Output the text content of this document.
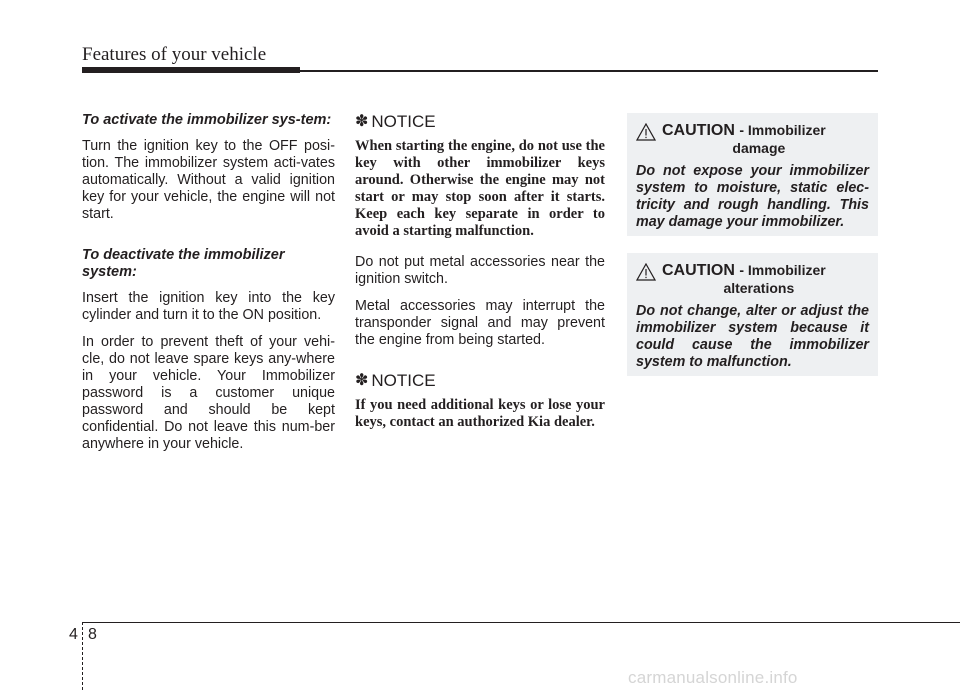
Features of your vehicle
To activate the immobilizer sys-tem:
Turn the ignition key to the OFF posi-tion. The immobilizer system acti-vates automatically. Without a valid ignition key for your vehicle, the engine will not start.
To deactivate the immobilizer system:
Insert the ignition key into the key cylinder and turn it to the ON position.
In order to prevent theft of your vehi-cle, do not leave spare keys any-where in your vehicle. Your Immobilizer password is a customer unique password and should be kept confidential. Do not leave this num-ber anywhere in your vehicle.
✽ NOTICE
When starting the engine, do not use the key with other immobilizer keys around. Otherwise the engine may not start or may stop soon after it starts. Keep each key separate in order to avoid a starting malfunction.
Do not put metal accessories near the ignition switch.
Metal accessories may interrupt the transponder signal and may prevent the engine from being started.
✽ NOTICE
If you need additional keys or lose your keys, contact an authorized Kia dealer.
CAUTION - Immobilizer
damage
Do not expose your immobilizer system to moisture, static elec-tricity and rough handling. This may damage your immobilizer.
CAUTION - Immobilizer
alterations
Do not change, alter or adjust the immobilizer system because it could cause the immobilizer system to malfunction.
4 8
carmanualsonline.info
